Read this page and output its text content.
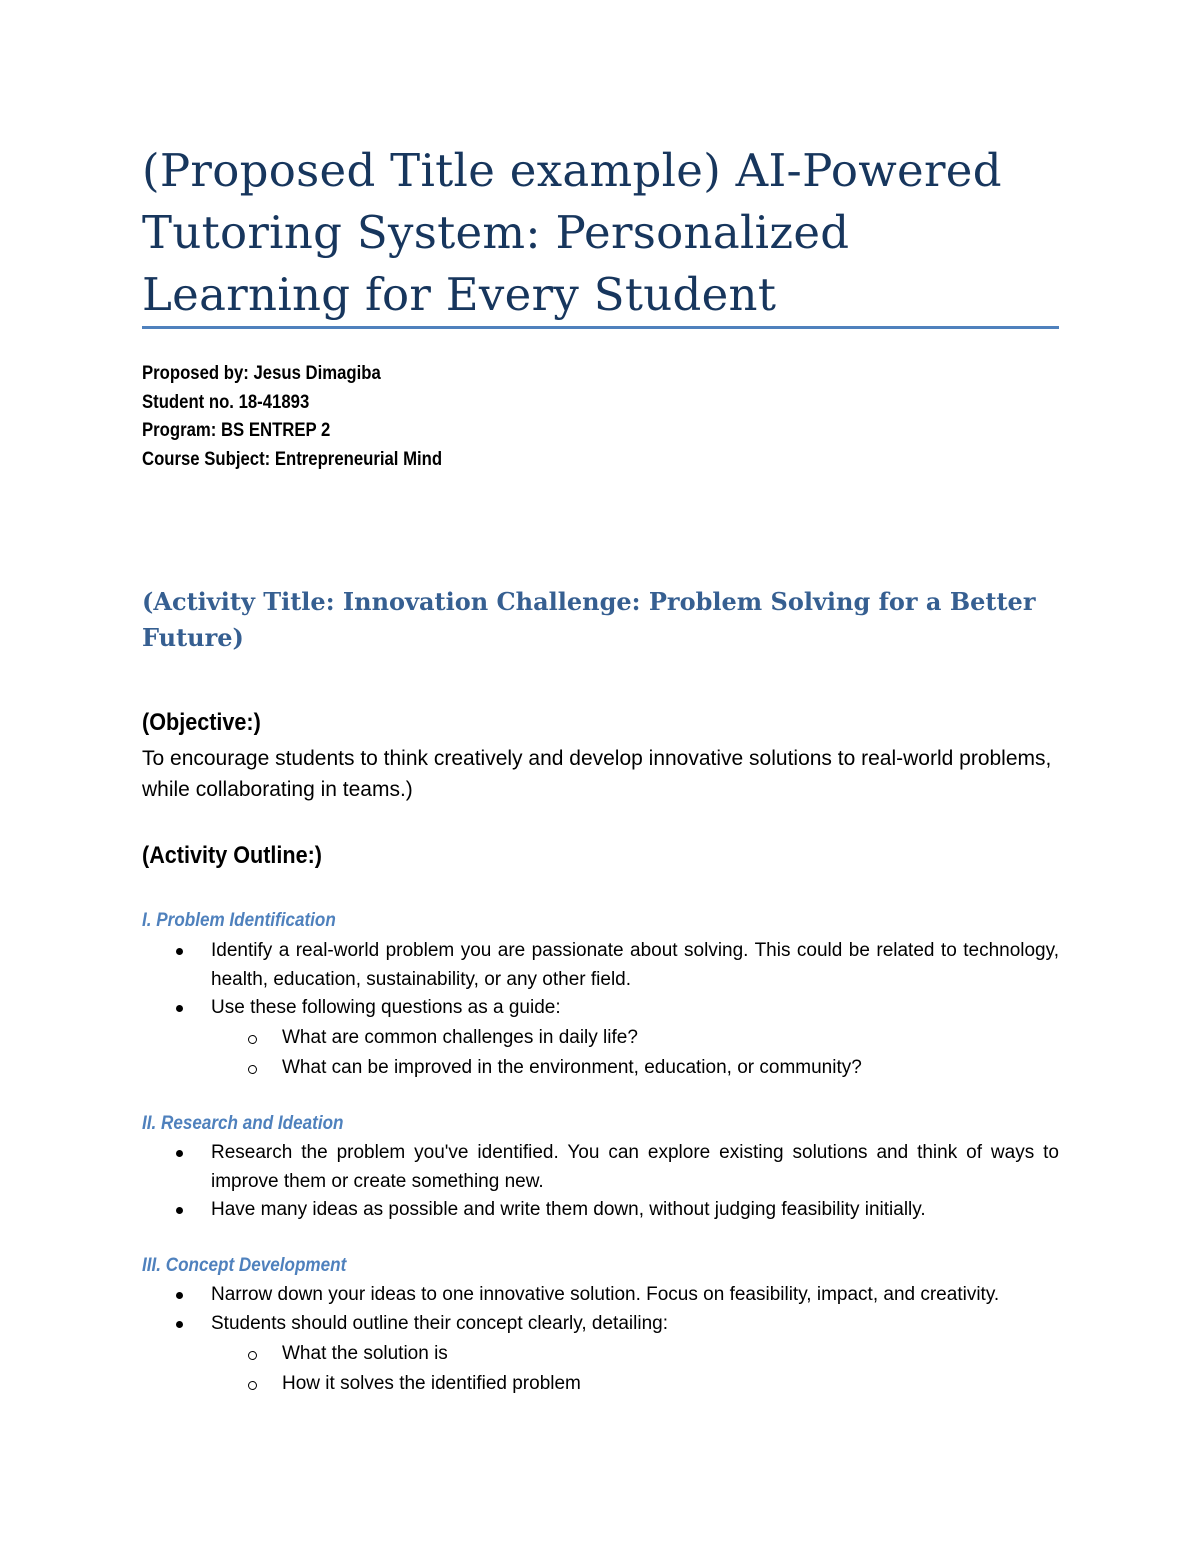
(Proposed Title example) AI-Powered Tutoring System: Personalized Learning for Every Student
Proposed by: Jesus Dimagiba
Student no. 18-41893
Program: BS ENTREP 2
Course Subject: Entrepreneurial Mind
(Activity Title: Innovation Challenge: Problem Solving for a Better Future)
(Objective:)

To encourage students to think creatively and develop innovative solutions to real-world problems, while collaborating in teams.)

(Activity Outline:)
I. Problem Identification
Identify a real-world problem you are passionate about solving. This could be related to technology, health, education, sustainability, or any other field.
Use these following questions as a guide:
What are common challenges in daily life?
What can be improved in the environment, education, or community?
II. Research and Ideation
Research the problem you've identified. You can explore existing solutions and think of ways to improve them or create something new.
Have many ideas as possible and write them down, without judging feasibility initially.
III. Concept Development
Narrow down your ideas to one innovative solution. Focus on feasibility, impact, and creativity.
Students should outline their concept clearly, detailing:
What the solution is
How it solves the identified problem
